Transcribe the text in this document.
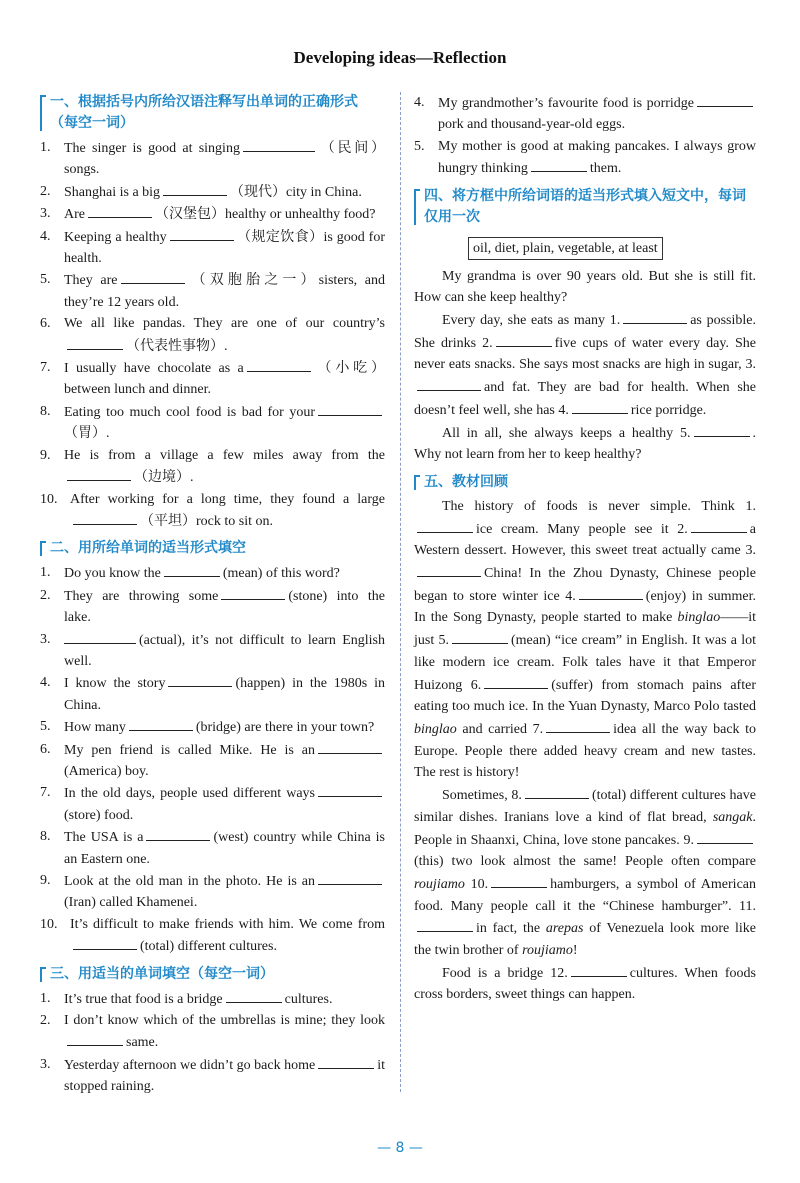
Developing ideas—Reflection
一、根据括号内所给汉语注释写出单词的正确形式（每空一词）
1. The singer is good at singing	（民间）songs.
2. Shanghai is a big	（现代）city in China.
3. Are	（汉堡包）healthy or unhealthy food?
4. Keeping a healthy	（规定饮食）is good for health.
5. They are	（双胞胎之一）sisters, and they’re 12 years old.
6. We all like pandas. They are one of our country’s（代表性事物）.
7. I usually have chocolate as a	（小吃）between lunch and dinner.
8. Eating too much cool food is bad for your（胃）.
9. He is from a village a few miles away from the（边境）.
10. After working for a long time, they found a large（平坦）rock to sit on.
二、用所给单词的适当形式填空
1. Do you know the	(mean) of this word?
2. They are throwing some	(stone) into the lake.
3.	(actual), it’s not difficult to learn English well.
4. I know the story	(happen) in the 1980s in China.
5. How many	(bridge) are there in your town?
6. My pen friend is called Mike. He is an(America) boy.
7. In the old days, people used different ways(store) food.
8. The USA is a	(west) country while China is an Eastern one.
9. Look at the old man in the photo. He is an(Iran) called Khamenei.
10. It’s difficult to make friends with him. We come from(total) different cultures.
三、用适当的单词填空（每空一词）
1. It’s true that food is a bridge	cultures.
2. I don’t know which of the umbrellas is mine; they looksame.
3. Yesterday afternoon we didn’t go back home	it stopped raining.
4. My grandmother’s favourite food is porridgepork and thousand-year-old eggs.
5. My mother is good at making pancakes. I always grow hungry thinking	them.
四、将方框中所给词语的适当形式填入短文中，每词仅用一次
oil, diet, plain, vegetable, at least

My grandma is over 90 years old. But she is still fit. How can she keep healthy?

Every day, she eats as many 1.	as possible. She drinks 2.	five cups of water every day. She never eats snacks. She says most snacks are high in sugar, 3.and fat. They are bad for health. When she doesn’t feel well, she has 4.	rice porridge.

All in all, she always keeps a healthy 5.	. Why not learn from her to keep healthy?

五、教材回顾

The history of foods is never simple. Think 1.ice cream. Many people see it 2.	a Western dessert. However, this sweet treat actually came 3.China! In the Zhou Dynasty, Chinese people began to store winter ice 4.	(enjoy) in summer. In the Song Dynasty, people started to make binglao——it just 5.	(mean) “ice cream” in English. It was a lot like modern ice cream. Folk tales have it that Emperor Huizong 6.	(suffer) from stomach pains after eating too much ice. In the Yuan Dynasty, Marco Polo tasted binglao and carried 7.	idea all the way back to Europe. People there added heavy cream and new tastes. The rest is history!

Sometimes, 8.	(total) different cultures have similar dishes. Iranians love a kind of flat bread, sangak. People in Shaanxi, China, love stone pancakes. 9.(this) two look almost the same! People often compare roujiamo 10.	hamburgers, a symbol of American food. Many people call it the “Chinese hamburger”. 11.in fact, the arepas of Venezuela look more like the twin brother of roujiamo!

Food is a bridge 12.	cultures. When foods cross borders, sweet things can happen.

— 8 —
